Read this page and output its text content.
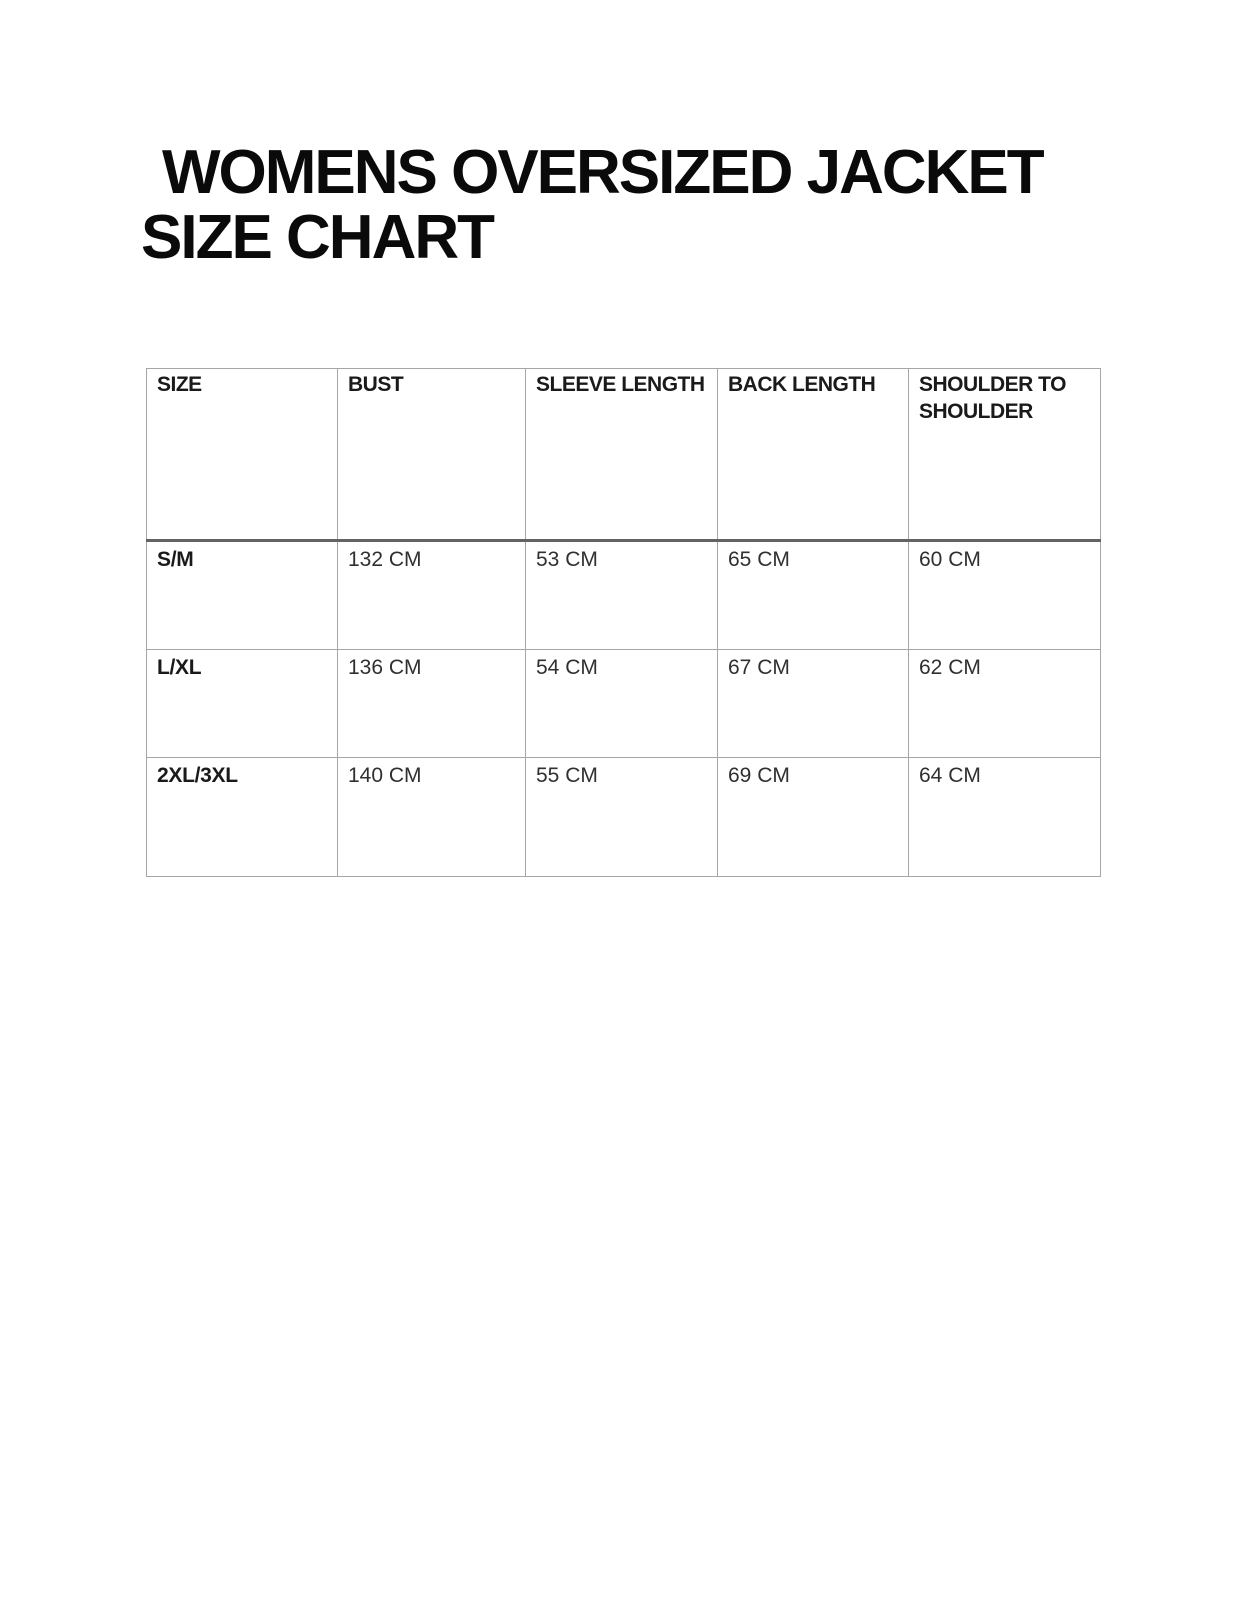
WOMENS OVERSIZED JACKET
SIZE CHART
SIZE	BUST	SLEEVE LENGTH	BACK LENGTH	SHOULDER TO SHOULDER
S/M	132 CM	53 CM	65 CM	60 CM
L/XL	136 CM	54 CM	67 CM	62 CM
2XL/3XL	140 CM	55 CM	69 CM	64 CM
